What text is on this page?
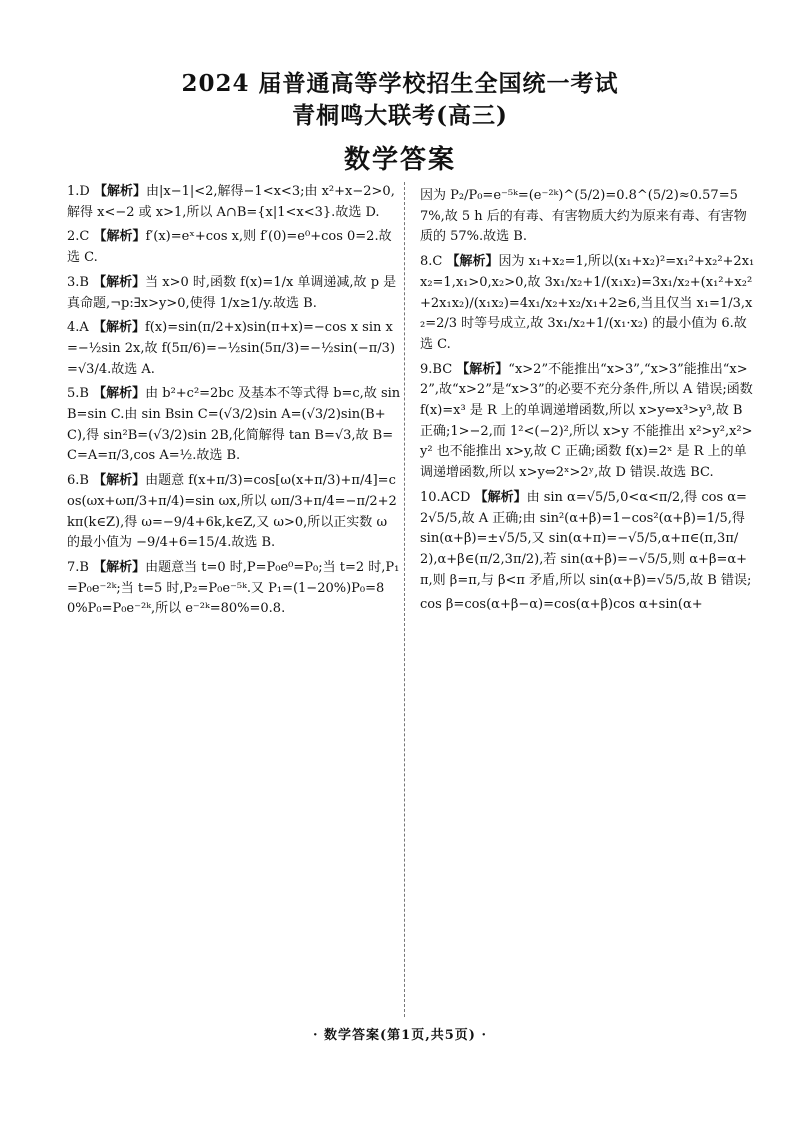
2024 届普通高等学校招生全国统一考试
青桐鸣大联考(高三)
数学答案

1.D 【解析】由|x−1|<2,解得−1<x<3;由 x²+x−2>0,解得 x<−2 或 x>1,所以 A∩B={x|1<x<3}.故选 D.

2.C 【解析】f′(x)=eˣ+cos x,则 f′(0)=e⁰+cos 0=2.故选 C.

3.B 【解析】当 x>0 时,函数 f(x)=1/x 单调递减,故 p 是真命题,¬p:∃x>y>0,使得 1/x≥1/y.故选 B.

4.A 【解析】f(x)=sin(π/2+x)sin(π+x)=−cos x sin x=−½sin 2x,故 f(5π/6)=−½sin(5π/3)=−½sin(−π/3)=√3/4.故选 A.

5.B 【解析】由 b²+c²=2bc 及基本不等式得 b=c,故 sin B=sin C.由 sin Bsin C=(√3/2)sin A=(√3/2)sin(B+C),得 sin²B=(√3/2)sin 2B,化简解得 tan B=√3,故 B=C=A=π/3,cos A=½.故选 B.

6.B 【解析】由题意 f(x+π/3)=cos[ω(x+π/3)+π/4]=cos(ωx+ωπ/3+π/4)=sin ωx,所以 ωπ/3+π/4=−π/2+2kπ(k∈Z),得 ω=−9/4+6k,k∈Z,又 ω>0,所以正实数 ω 的最小值为 −9/4+6=15/4.故选 B.

7.B 【解析】由题意当 t=0 时,P=P₀e⁰=P₀;当 t=2 时,P₁=P₀e⁻²ᵏ;当 t=5 时,P₂=P₀e⁻⁵ᵏ.又 P₁=(1−20%)P₀=80%P₀=P₀e⁻²ᵏ,所以 e⁻²ᵏ=80%=0.8.

因为 P₂/P₀=e⁻⁵ᵏ=(e⁻²ᵏ)^(5/2)=0.8^(5/2)≈0.57=57%,故 5 h 后的有毒、有害物质大约为原来有毒、有害物质的 57%.故选 B.

8.C 【解析】因为 x₁+x₂=1,所以(x₁+x₂)²=x₁²+x₂²+2x₁x₂=1,x₁>0,x₂>0,故 3x₁/x₂+1/(x₁x₂)=3x₁/x₂+(x₁²+x₂²+2x₁x₂)/(x₁x₂)=4x₁/x₂+x₂/x₁+2≥6,当且仅当 x₁=1/3,x₂=2/3 时等号成立,故 3x₁/x₂+1/(x₁·x₂) 的最小值为 6.故选 C.

9.BC 【解析】“x>2”不能推出“x>3”,“x>3”能推出“x>2”,故“x>2”是“x>3”的必要不充分条件,所以 A 错误;函数 f(x)=x³ 是 R 上的单调递增函数,所以 x>y⇔x³>y³,故 B 正确;1>−2,而 1²<(−2)²,所以 x>y 不能推出 x²>y²,x²>y² 也不能推出 x>y,故 C 正确;函数 f(x)=2ˣ 是 R 上的单调递增函数,所以 x>y⇔2ˣ>2ʸ,故 D 错误.故选 BC.

10.ACD 【解析】由 sin α=√5/5,0<α<π/2,得 cos α=2√5/5,故 A 正确;由 sin²(α+β)=1−cos²(α+β)=1/5,得 sin(α+β)=±√5/5,又 sin(α+π)=−√5/5,α+π∈(π,3π/2),α+β∈(π/2,3π/2),若 sin(α+β)=−√5/5,则 α+β=α+π,则 β=π,与 β<π 矛盾,所以 sin(α+β)=√5/5,故 B 错误;

cos β=cos(α+β−α)=cos(α+β)cos α+sin(α+

· 数学答案(第1页,共5页) ·
